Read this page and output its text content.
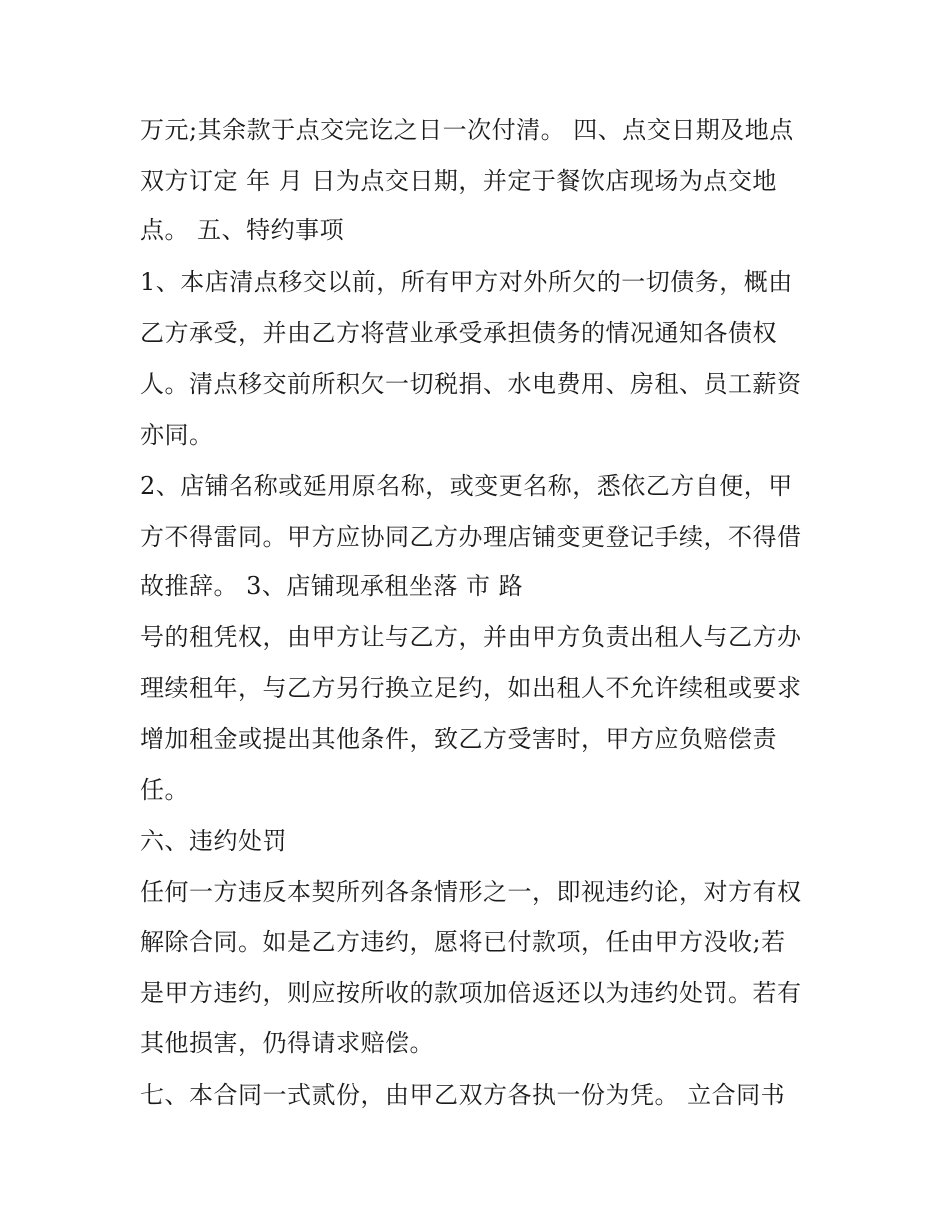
万元;其余款于点交完讫之日一次付清。 四、点交日期及地点
双方订定 年 月 日为点交日期，并定于餐饮店现场为点交地
点。 五、特约事项
1、本店清点移交以前，所有甲方对外所欠的一切债务，概由
乙方承受，并由乙方将营业承受承担债务的情况通知各债权
人。清点移交前所积欠一切税捐、水电费用、房租、员工薪资
亦同。
2、店铺名称或延用原名称，或变更名称，悉依乙方自便，甲
方不得雷同。甲方应协同乙方办理店铺变更登记手续，不得借
故推辞。 3、店铺现承租坐落 市 路
号的租凭权，由甲方让与乙方，并由甲方负责出租人与乙方办
理续租年，与乙方另行换立足约，如出租人不允许续租或要求
增加租金或提出其他条件，致乙方受害时，甲方应负赔偿责
任。
六、违约处罚
任何一方违反本契所列各条情形之一，即视违约论，对方有权
解除合同。如是乙方违约，愿将已付款项，任由甲方没收;若
是甲方违约，则应按所收的款项加倍返还以为违约处罚。若有
其他损害，仍得请求赔偿。
七、本合同一式贰份，由甲乙双方各执一份为凭。 立合同书
